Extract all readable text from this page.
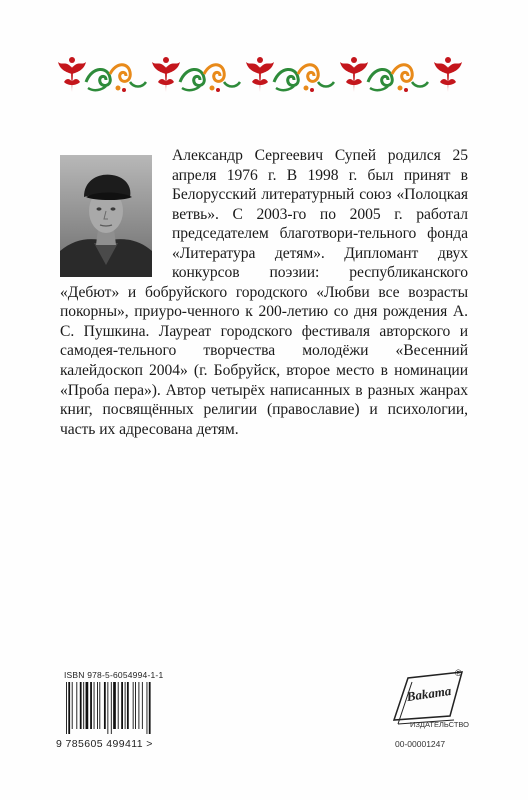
Александр Сергеевич Супей родился 25 апреля 1976 г. В 1998 г. был принят в Белорусский литературный союз «Полоцкая ветвь». С 2003-го по 2005 г. работал председателем благотвори-тельного фонда «Литература детям». Дипломант двух конкурсов поэзии: республиканского «Дебют» и бобруйского городского «Любви все возрасты покорны», приуро-ченного к 200-летию со дня рождения А. С. Пушкина. Лауреат городского фестиваля авторского и самодея-тельного творчества молодёжи «Весенний калейдоскоп 2004» (г. Бобруйск, второе место в номинации «Проба пера»). Автор четырёх написанных в разных жанрах книг, посвящённых религии (православие) и психологии, часть их адресована детям.

ISBN 978-5-6054994-1-1
9 785605 499411 >
®
Bakama
ИЗДАТЕЛЬСТВО
00-00001247
